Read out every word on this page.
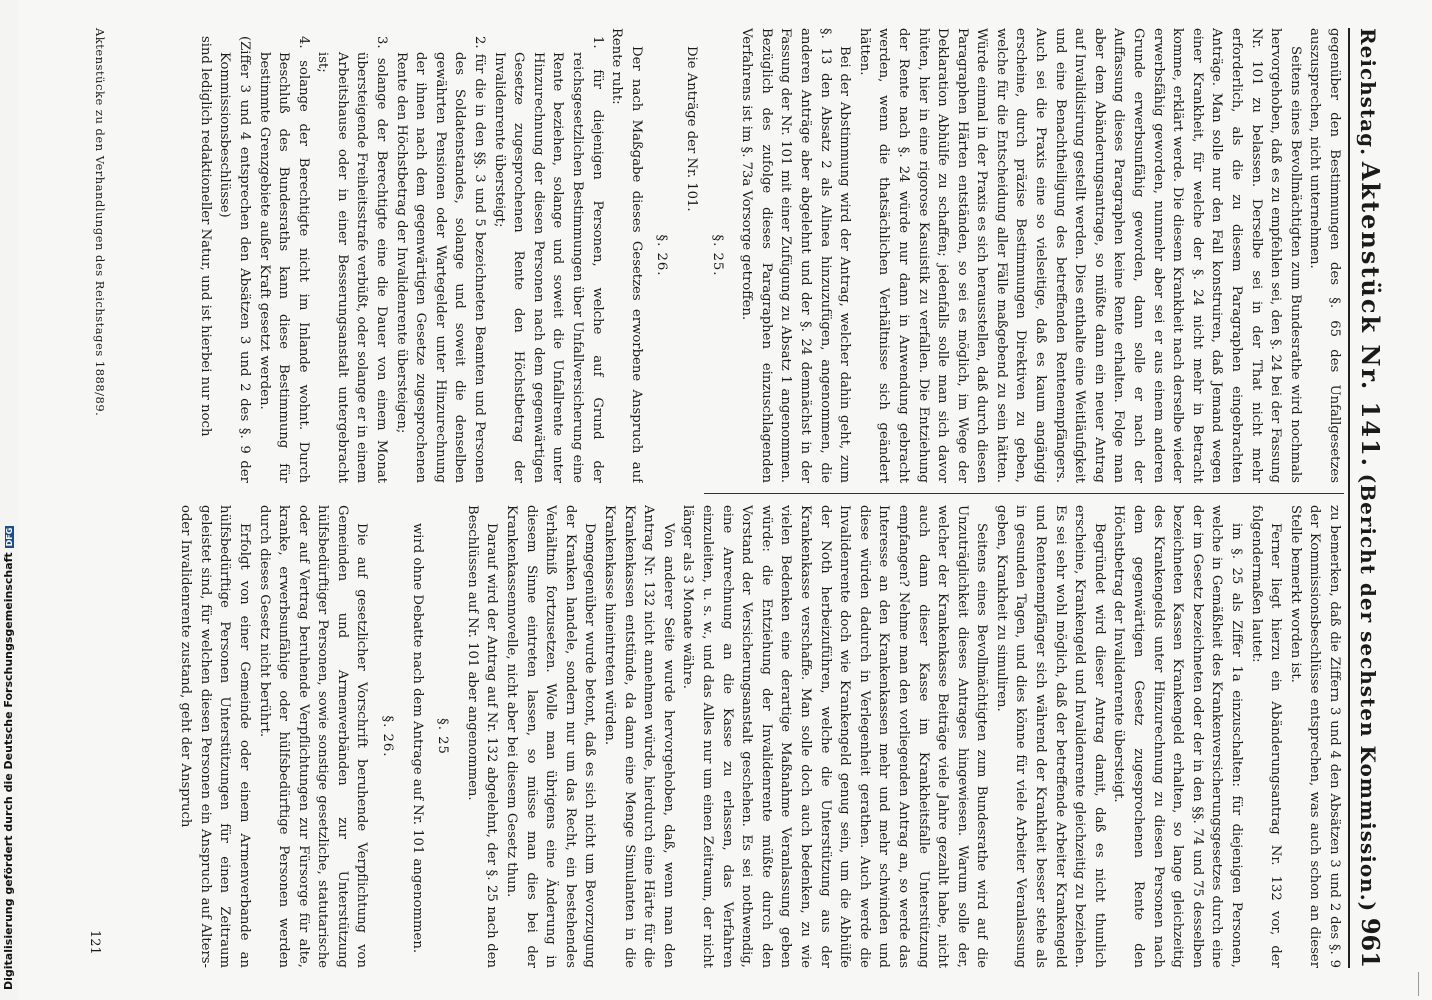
Reichstag.
Aktenstück Nr. 141.
(Bericht der sechsten Kommission.)
961

gegenüber den Bestimmungen des §. 65 des Unfallgesetzes auszusprechen, nicht unternehmen.

Seitens eines Bevollmächtigten zum Bundesrathe wird nochmals hervorgehoben, daß es zu empfehlen sei, den §. 24 bei der Fassung Nr. 101 zu belassen. Derselbe sei in der That nicht mehr erforderlich, als die zu diesem Paragraphen eingebrachten Anträge. Man solle nur den Fall konstruiren, daß Jemand wegen einer Krankheit, für welche der §. 24 nicht mehr in Betracht komme, erklärt werde. Die diesem Krankheit nach derselbe wieder erwerbsfähig geworden, nunmehr aber sei er aus einem anderen Grunde erwerbsunfähig geworden, dann solle er nach der Auffassung dieses Paragraphen keine Rente erhalten. Folge man aber dem Abänderungsantrage, so müßte dann ein neuer Antrag auf Invalidisirung gestellt werden. Dies enthalte eine Weitläufigkeit und eine Benachtheiligung des betreffenden Rentenempfängers. Auch sei die Praxis eine so vielseitige, daß es kaum angängig erscheine, durch präzise Bestimmungen Direktiven zu geben, welche für die Entscheidung aller Fälle maßgebend zu sein hätten. Würde einmal in der Praxis es sich herausstellen, daß durch diesen Paragraphen Härten entständen, so sei es möglich, im Wege der Deklaration Abhülfe zu schaffen; jedenfalls solle man sich davor hüten, hier in eine rigorose Kasuistik zu verfallen. Die Entziehung der Rente nach §. 24 würde nur dann in Anwendung gebracht werden, wenn die thatsächlichen Verhältnisse sich geändert hätten.

Bei der Abstimmung wird der Antrag, welcher dahin geht, zum §. 13 den Absatz 2 als Alinea hinzuzufügen, angenommen, die anderen Anträge aber abgelehnt und der §. 24 demnächst in der Fassung der Nr. 101 mit einer Zufügung zu Absatz 1 angenommen. Bezüglich des zufolge dieses Paragraphen einzuschlagenden Verfahrens ist im §. 73a Vorsorge getroffen.

§. 25.

Die Anträge der Nr. 101.

§. 26.

Der nach Maßgabe dieses Gesetzes erworbene Anspruch auf Rente ruht:

1. für diejenigen Personen, welche auf Grund der reichsgesetzlichen Bestimmungen über Unfallversicherung eine Rente beziehen, solange und soweit die Unfallrente unter Hinzurechnung der diesen Personen nach dem gegenwärtigen Gesetze zugesprochenen Rente den Höchstbetrag der Invalidenrente übersteigt;

2. für die in den §§. 3 und 5 bezeichneten Beamten und Personen des Soldatenstandes, solange und soweit die denselben gewährten Pensionen oder Wartegelder unter Hinzurechnung der ihnen nach dem gegenwärtigen Gesetze zugesprochenen Rente den Höchstbetrag der Invalidenrente übersteigen;

3. solange der Berechtigte eine die Dauer von einem Monat übersteigende Freiheitsstrafe verbüßt, oder solange er in einem Arbeitshause oder in einer Besserungsanstalt untergebracht ist;

4. solange der Berechtigte nicht im Inlande wohnt. Durch Beschluß des Bundesraths kann diese Bestimmung für bestimmte Grenzgebiete außer Kraft gesetzt werden.

(Ziffer 3 und 4 entsprechen den Absätzen 3 und 2 des §. 9 der Kommissionsbeschlüsse)

sind lediglich redaktioneller Natur, und ist hierbei nur noch

zu bemerken, daß die Ziffern 3 und 4 den Absätzen 3 und 2 des §. 9 der Kommissionsbeschlüsse entsprechen, was auch schon an dieser Stelle bemerkt worden ist.

Ferner liegt hierzu ein Abänderungsantrag Nr. 132 vor, der folgendermaßen lautet:

im §. 25 als Ziffer 1a einzuschalten: für diejenigen Personen, welche in Gemäßheit des Krankenversicherungsgesetzes durch eine der im Gesetz bezeichneten oder der in den §§. 74 und 75 desselben bezeichneten Kassen Krankengeld erhalten, so lange gleichzeitig des Krankengelds unter Hinzurechnung zu diesen Personen nach dem gegenwärtigen Gesetz zugesprochenen Rente den Höchstbetrag der Invalidenrente übersteigt.

Begründet wird dieser Antrag damit, daß es nicht thunlich erscheine, Krankengeld und Invalidenrente gleichzeitig zu beziehen. Es sei sehr wohl möglich, daß der betreffende Arbeiter Krankengeld und Rentenempfänger sich während der Krankheit besser stehe als in gesunden Tagen, und dies könne für viele Arbeiter Veranlassung geben, Krankheit zu simuliren.

Seitens eines Bevollmächtigten zum Bundesrathe wird auf die Unzuträglichkeit dieses Antrages hingewiesen. Warum solle der, welcher der Krankenkasse Beiträge viele Jahre gezahlt habe, nicht auch dann dieser Kasse im Krankheitsfalle Unterstützung empfangen? Nehme man den vorliegenden Antrag an, so werde das Interesse an den Krankenkassen mehr und mehr schwinden und diese würden dadurch in Verlegenheit gerathen. Auch werde die Invalidenrente doch wie Krankengeld genug sein, um die Abhülfe der Noth herbeizuführen, welche die Unterstützung aus der Krankenkasse verschaffe. Man solle doch auch bedenken, zu wie vielen Bedenken eine derartige Maßnahme Veranlassung geben würde: die Entziehung der Invalidenrente müßte durch den Vorstand der Versicherungsanstalt geschehen. Es sei nothwendig, eine Anrechnung an die Kasse zu erlassen, das Verfahren einzuleiten, u. s. w., und das Alles nur um einen Zeitraum, der nicht länger als 3 Monate währe.

Von anderer Seite wurde hervorgehoben, daß, wenn man den Antrag Nr. 132 nicht annehmen würde, hierdurch eine Härte für die Krankenkassen entstünde, da dann eine Menge Simulanten in die Krankenkasse hineintreten würden.

Demgegenüber wurde betont, daß es sich nicht um Bevorzugung der Kranken handele, sondern nur um das Recht, ein bestehendes Verhältniß fortzusetzen. Wolle man übrigens eine Änderung in diesem Sinne eintreten lassen, so müsse man dies bei der Krankenkassennovelle, nicht aber bei diesem Gesetz thun.

Darauf wird der Antrag auf Nr. 132 abgelehnt, der §. 25 nach den Beschlüssen auf Nr. 101 aber angenommen.

§. 25

wird ohne Debatte nach dem Antrage auf Nr. 101 angenommen.

§. 26.

Die auf gesetzlicher Vorschrift beruhende Verpflichtung von Gemeinden und Armenverbänden zur Unterstützung hülfsbedürftiger Personen, sowie sonstige gesetzliche, statutarische oder auf Vertrag beruhende Verpflichtungen zur Fürsorge für alte, kranke, erwerbsunfähige oder hülfsbedürftige Personen werden durch dieses Gesetz nicht berührt.

Erfolgt von einer Gemeinde oder einem Armenverbande an hülfsbedürftige Personen Unterstützungen für einen Zeitraum geleistet sind, für welchen diesen Personen ein Anspruch auf Alters- oder Invalidenrente zustand, geht der Anspruch

Aktenstücke zu den Verhandlungen des Reichstages 1888/89.
121
Digitalisierung gefördert durch die Deutsche ForschungsgemeinschaftDFG
